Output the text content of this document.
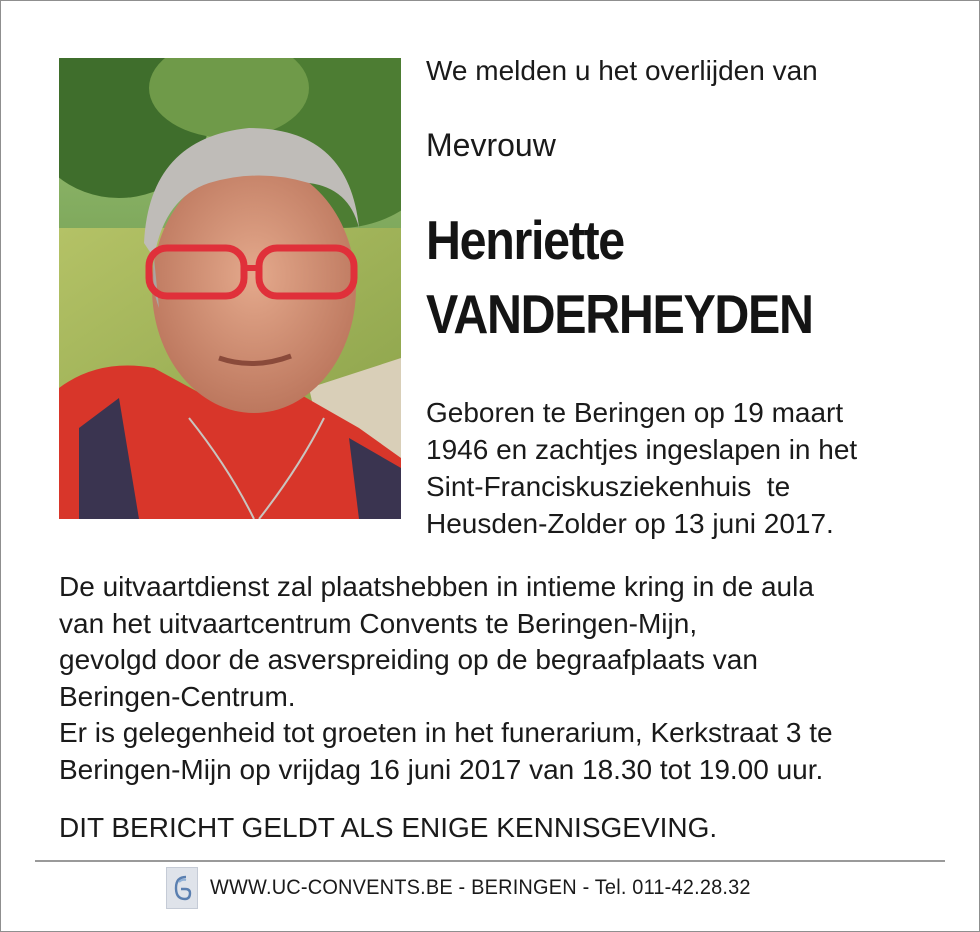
We melden u het overlijden van
Mevrouw
Henriette
VANDERHEYDEN
Geboren te Beringen op 19 maart
1946 en zachtjes ingeslapen in het
Sint-Franciskusziekenhuis  te
Heusden-Zolder op 13 juni 2017.
De uitvaartdienst zal plaatshebben in intieme kring in de aula
van het uitvaartcentrum Convents te Beringen-Mijn,
gevolgd door de asverspreiding op de begraafplaats van
Beringen-Centrum.
Er is gelegenheid tot groeten in het funerarium, Kerkstraat 3 te
Beringen-Mijn op vrijdag 16 juni 2017 van 18.30 tot 19.00 uur.
DIT BERICHT GELDT ALS ENIGE KENNISGEVING.
WWW.UC-CONVENTS.BE - BERINGEN - Tel. 011-42.28.32
